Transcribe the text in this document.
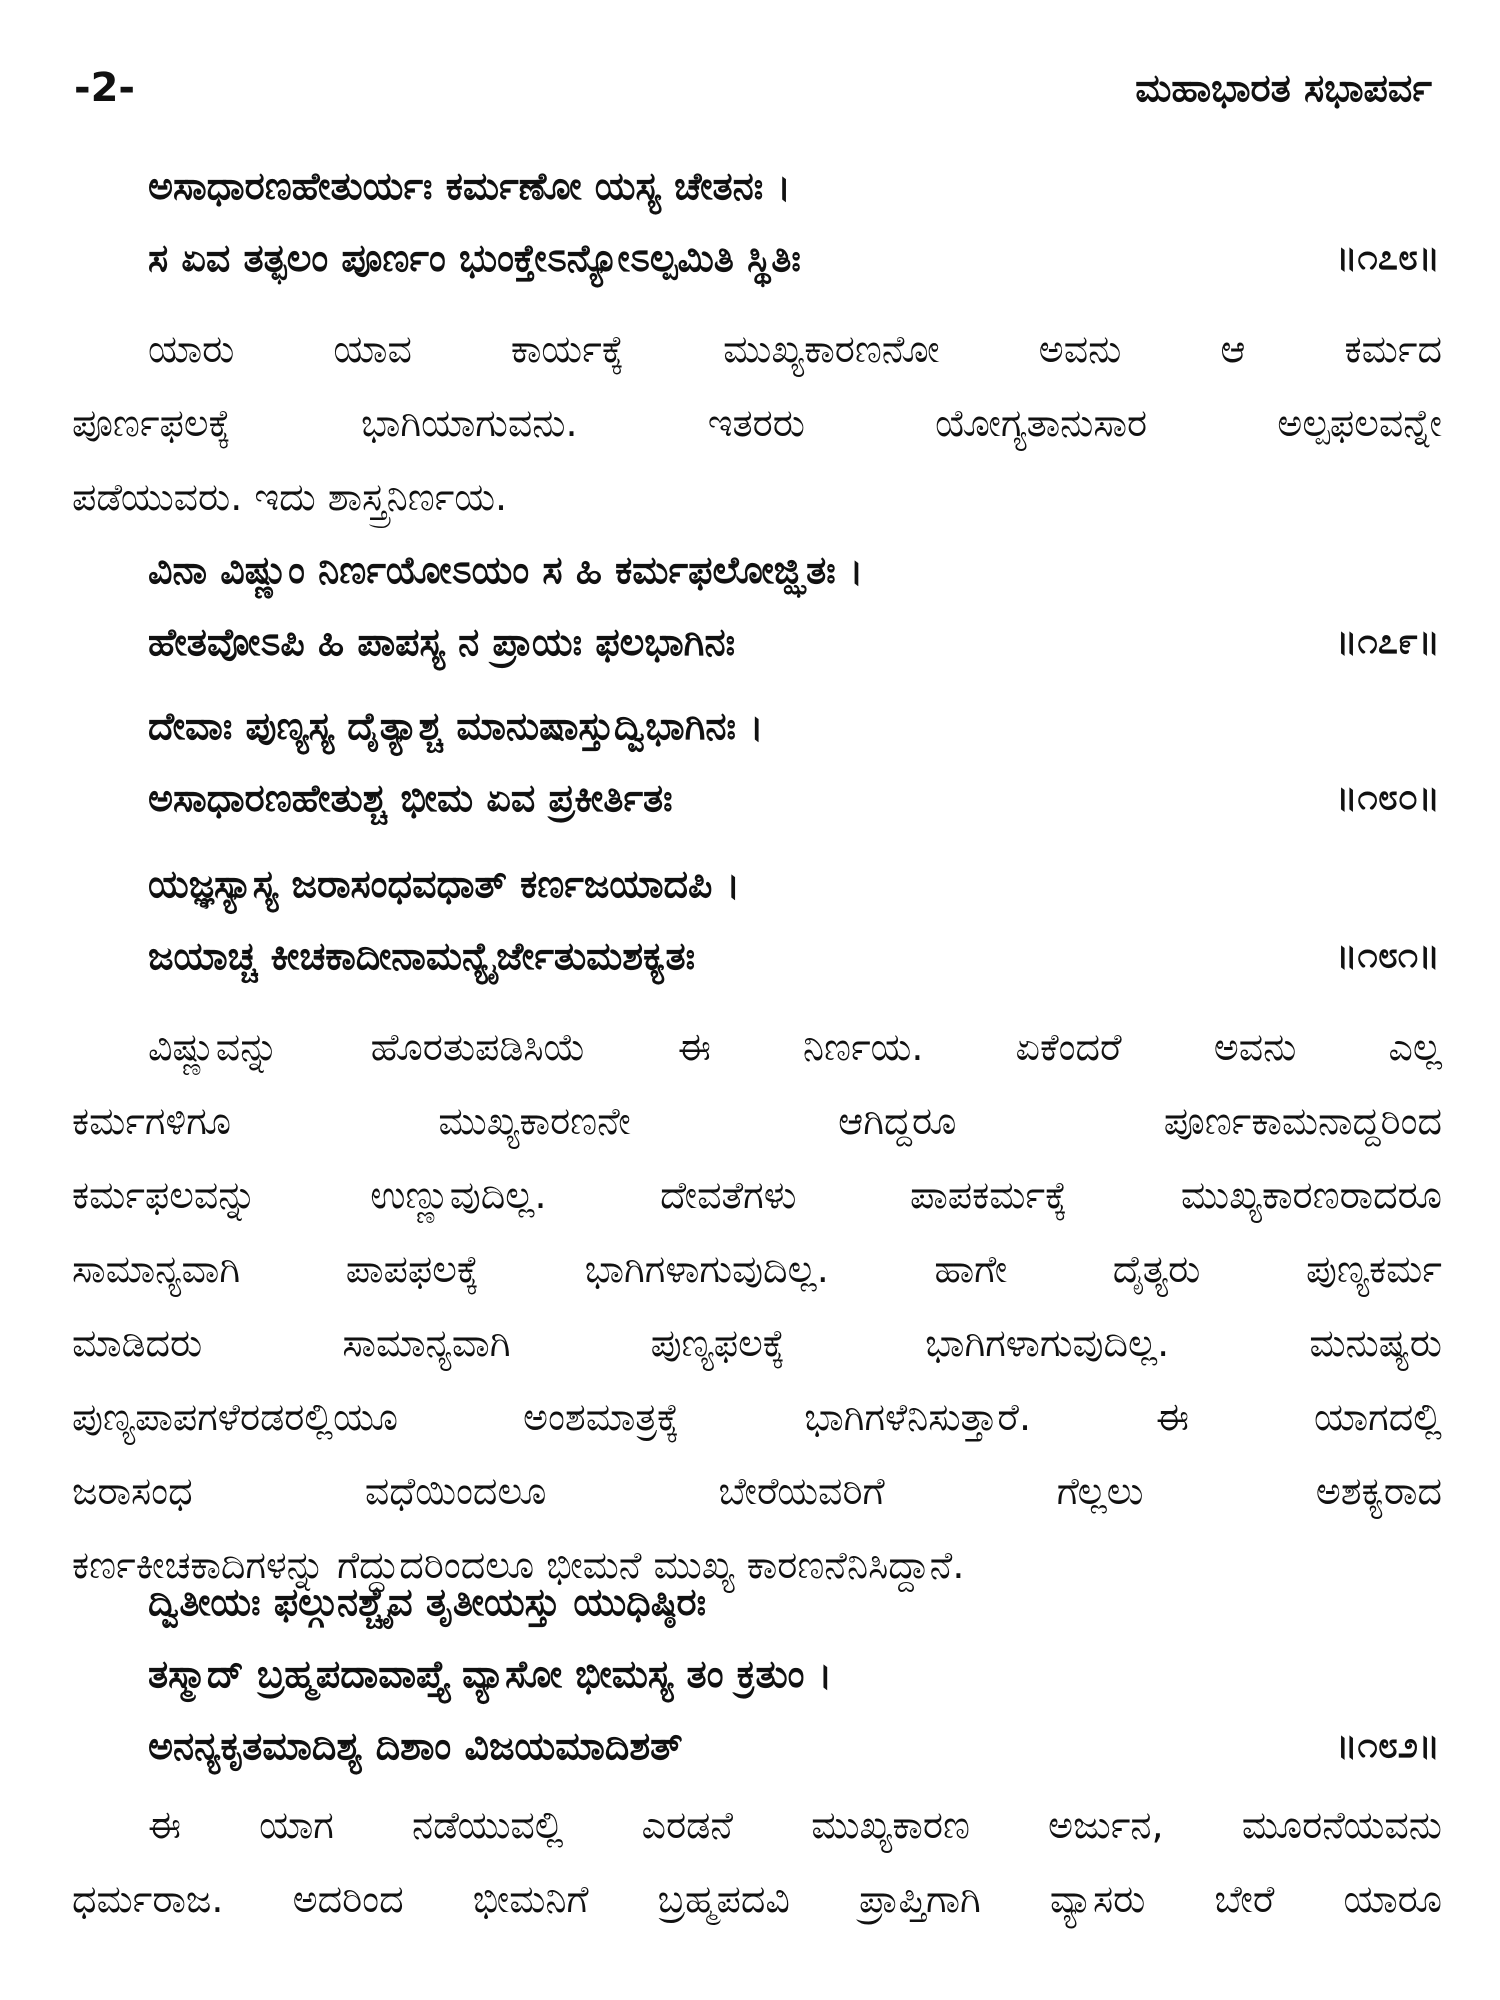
-2-	ಮಹಾಭಾರತ ಸಭಾಪರ್ವ
ಅಸಾಧಾರಣಹೇತುರ್ಯಃ ಕರ್ಮಣೋ ಯಸ್ಯ ಚೇತನಃ ।
ಸ ಏವ ತತ್ಫಲಂ ಪೂರ್ಣಂ ಭುಂಕ್ತೇಽನ್ಯೋಽಲ್ಪಮಿತಿ ಸ್ಥಿತಿಃ	॥೧೭೮॥
ಯಾರು ಯಾವ ಕಾರ್ಯಕ್ಕೆ ಮುಖ್ಯಕಾರಣನೋ ಅವನು ಆ ಕರ್ಮದ
ಪೂರ್ಣಫಲಕ್ಕೆ ಭಾಗಿಯಾಗುವನು. ಇತರರು ಯೋಗ್ಯತಾನುಸಾರ ಅಲ್ಪಫಲವನ್ನೇ
ಪಡೆಯುವರು. ಇದು ಶಾಸ್ತ್ರನಿರ್ಣಯ.
ವಿನಾ ವಿಷ್ಣುಂ ನಿರ್ಣಯೋಽಯಂ ಸ ಹಿ ಕರ್ಮಫಲೋಜ್ಝಿತಃ ।
ಹೇತವೋಽಪಿ ಹಿ ಪಾಪಸ್ಯ ನ ಪ್ರಾಯಃ ಫಲಭಾಗಿನಃ	॥೧೭೯॥
ದೇವಾಃ ಪುಣ್ಯಸ್ಯ ದೈತ್ಯಾಶ್ಚ ಮಾನುಷಾಸ್ತುದ್ವಿಭಾಗಿನಃ ।
ಅಸಾಧಾರಣಹೇತುಶ್ಚ ಭೀಮ ಏವ ಪ್ರಕೀರ್ತಿತಃ	॥೧೮೦॥
ಯಜ್ಞಸ್ಯಾಸ್ಯ ಜರಾಸಂಧವಧಾತ್ ಕರ್ಣಜಯಾದಪಿ ।
ಜಯಾಚ್ಚ ಕೀಚಕಾದೀನಾಮನ್ಯೈರ್ಜೇತುಮಶಕ್ಯತಃ	॥೧೮೧॥
ವಿಷ್ಣುವನ್ನು ಹೊರತುಪಡಿಸಿಯೆ ಈ ನಿರ್ಣಯ. ಏಕೆಂದರೆ ಅವನು ಎಲ್ಲ
ಕರ್ಮಗಳಿಗೂ ಮುಖ್ಯಕಾರಣನೇ ಆಗಿದ್ದರೂ ಪೂರ್ಣಕಾಮನಾದ್ದರಿಂದ
ಕರ್ಮಫಲವನ್ನು ಉಣ್ಣುವುದಿಲ್ಲ. ದೇವತೆಗಳು ಪಾಪಕರ್ಮಕ್ಕೆ ಮುಖ್ಯಕಾರಣರಾದರೂ
ಸಾಮಾನ್ಯವಾಗಿ ಪಾಪಫಲಕ್ಕೆ ಭಾಗಿಗಳಾಗುವುದಿಲ್ಲ. ಹಾಗೇ ದೈತ್ಯರು ಪುಣ್ಯಕರ್ಮ
ಮಾಡಿದರು ಸಾಮಾನ್ಯವಾಗಿ ಪುಣ್ಯಫಲಕ್ಕೆ ಭಾಗಿಗಳಾಗುವುದಿಲ್ಲ. ಮನುಷ್ಯರು
ಪುಣ್ಯಪಾಪಗಳೆರಡರಲ್ಲಿಯೂ ಅಂಶಮಾತ್ರಕ್ಕೆ ಭಾಗಿಗಳೆನಿಸುತ್ತಾರೆ. ಈ ಯಾಗದಲ್ಲಿ
ಜರಾಸಂಧ ವಧೆಯಿಂದಲೂ ಬೇರೆಯವರಿಗೆ ಗೆಲ್ಲಲು ಅಶಕ್ಯರಾದ
ಕರ್ಣಕೀಚಕಾದಿಗಳನ್ನು ಗೆದ್ದುದರಿಂದಲೂ ಭೀಮನೆ ಮುಖ್ಯ ಕಾರಣನೆನಿಸಿದ್ದಾನೆ.
ದ್ವಿತೀಯಃ ಫಲ್ಗುನಶ್ಚೈವ ತೃತೀಯಸ್ತು ಯುಧಿಷ್ಠಿರಃ
ತಸ್ಮಾದ್ ಬ್ರಹ್ಮಪದಾವಾಪ್ತ್ಯೆ ವ್ಯಾಸೋ ಭೀಮಸ್ಯ ತಂ ಕ್ರತುಂ ।
ಅನನ್ಯಕೃತಮಾದಿಶ್ಯ ದಿಶಾಂ ವಿಜಯಮಾದಿಶತ್	॥೧೮೨॥
ಈ ಯಾಗ ನಡೆಯುವಲ್ಲಿ ಎರಡನೆ ಮುಖ್ಯಕಾರಣ ಅರ್ಜುನ, ಮೂರನೆಯವನು
ಧರ್ಮರಾಜ. ಅದರಿಂದ ಭೀಮನಿಗೆ ಬ್ರಹ್ಮಪದವಿ ಪ್ರಾಪ್ತಿಗಾಗಿ ವ್ಯಾಸರು ಬೇರೆ ಯಾರೂ
